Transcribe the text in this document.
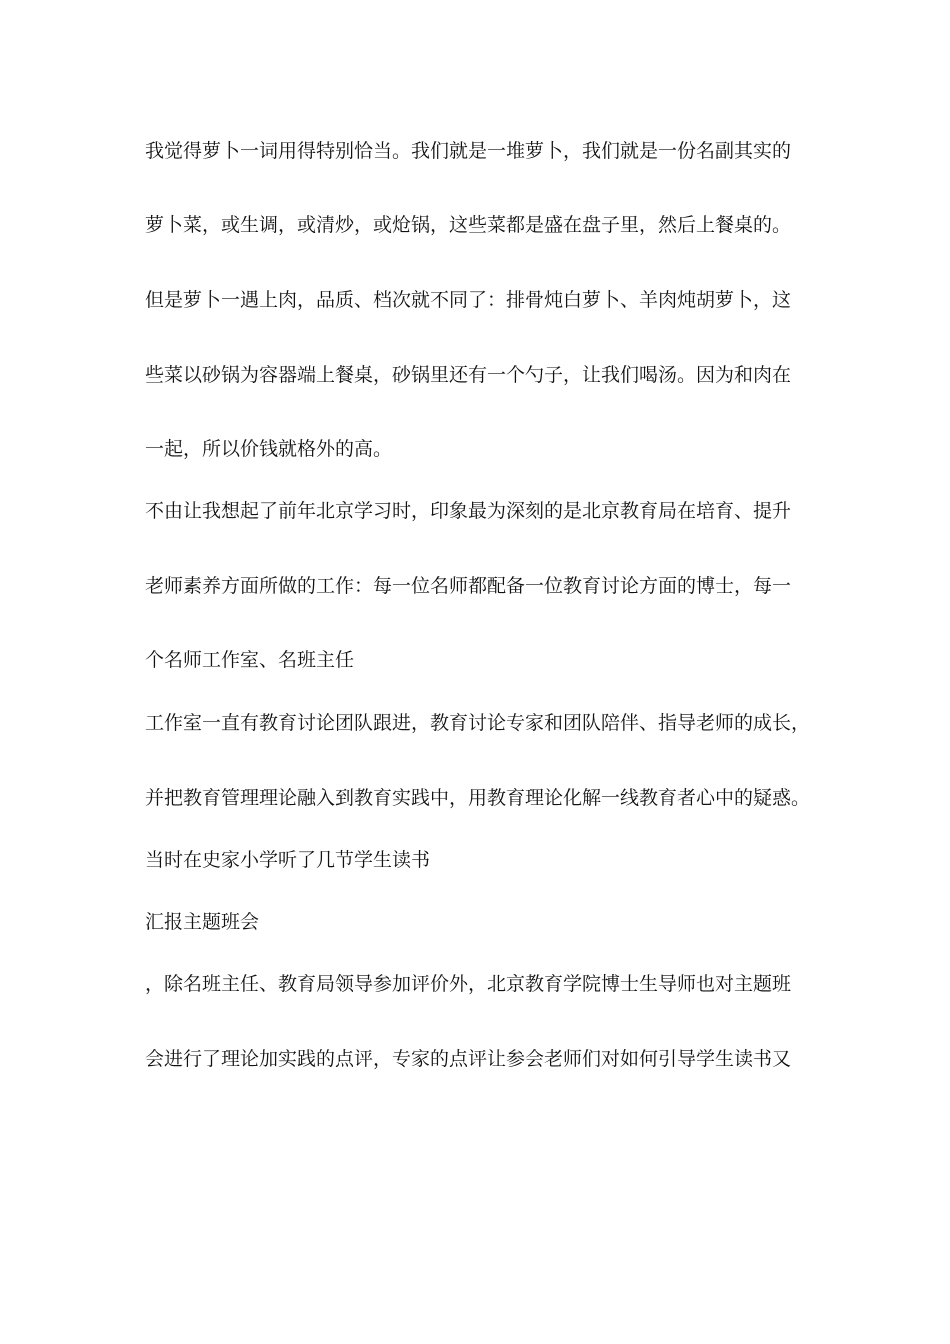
我觉得萝卜一词用得特别恰当。我们就是一堆萝卜，我们就是一份名副其实的
萝卜菜，或生调，或清炒，或炝锅，这些菜都是盛在盘子里，然后上餐桌的。
但是萝卜一遇上肉，品质、档次就不同了：排骨炖白萝卜、羊肉炖胡萝卜，这
些菜以砂锅为容器端上餐桌，砂锅里还有一个勺子，让我们喝汤。因为和肉在
一起，所以价钱就格外的高。
不由让我想起了前年北京学习时，印象最为深刻的是北京教育局在培育、提升
老师素养方面所做的工作：每一位名师都配备一位教育讨论方面的博士，每一
个名师工作室、名班主任
工作室一直有教育讨论团队跟进，教育讨论专家和团队陪伴、指导老师的成长，
并把教育管理理论融入到教育实践中，用教育理论化解一线教育者心中的疑惑。
当时在史家小学听了几节学生读书
汇报主题班会
，除名班主任、教育局领导参加评价外，北京教育学院博士生导师也对主题班
会进行了理论加实践的点评，专家的点评让参会老师们对如何引导学生读书又
